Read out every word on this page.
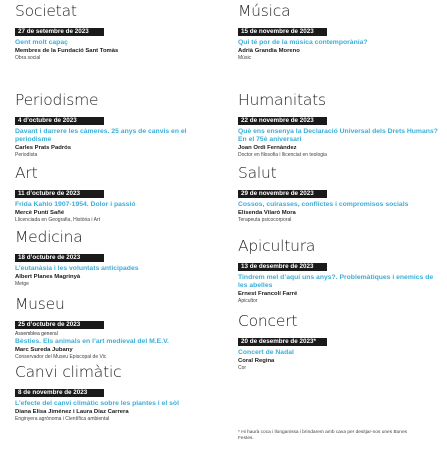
Societat
27 de setembre de 2023
Gent molt capaç
Membres de la Fundació Sant Tomàs
Obra social
Periodisme
4 d’octubre de 2023
Davant i darrere les càmeres. 25 anys de canvis en el periodisme
Carles Prats Padrós
Periodista
Art
11 d’octubre de 2023
Frida Kahlo 1907-1954. Dolor i passió
Mercè Puntí Sañé
Llicenciada en Geografia, Història i Art
Medicina
18 d’octubre de 2023
L’eutanàsia i les voluntats anticipades
Albert Planes Magrinyà
Metge
Museu
25 d’octubre de 2023
Assemblea general
Bèsties. Els animals en l’art medieval del M.E.V.
Marc Sureda Jubany
Conservador del Museu Episcopal de Vic
Canvi climàtic
8 de novembre de 2023
L’efecte del canvi climàtic sobre les plantes i el sòl
Diana Elisa Jiménez i Laura Díaz Carrera
Enginyera agrònoma i Científica ambiental
Música
15 de novembre de 2023
Qui té por de la música contemporània?
Adrià Grandia Moreno
Músic
Humanitats
22 de novembre de 2023
Què ens ensenya la Declaració Universal dels Drets Humans? En el 75è aniversari
Joan Ordi Fernàndez
Doctor en filosofia i llicenciat en teologia
Salut
29 de novembre de 2023
Cossos, cuirasses, conflictes i compromisos socials
Elisenda Vilaró Mora
Terapeuta psicocorporal
Apicultura
13 de desembre de 2023
Tindrem mel d’aquí uns anys?. Problemàtiques i enemics de les abelles
Ernest Francolí Farré
Apicultor
Concert
20 de desembre de 2023*
Concert de Nadal
Coral Regina
Cor
* Hi haurà coca i llonganissa i brindarem amb cava per desitjar-nos unes Bones Festes.
